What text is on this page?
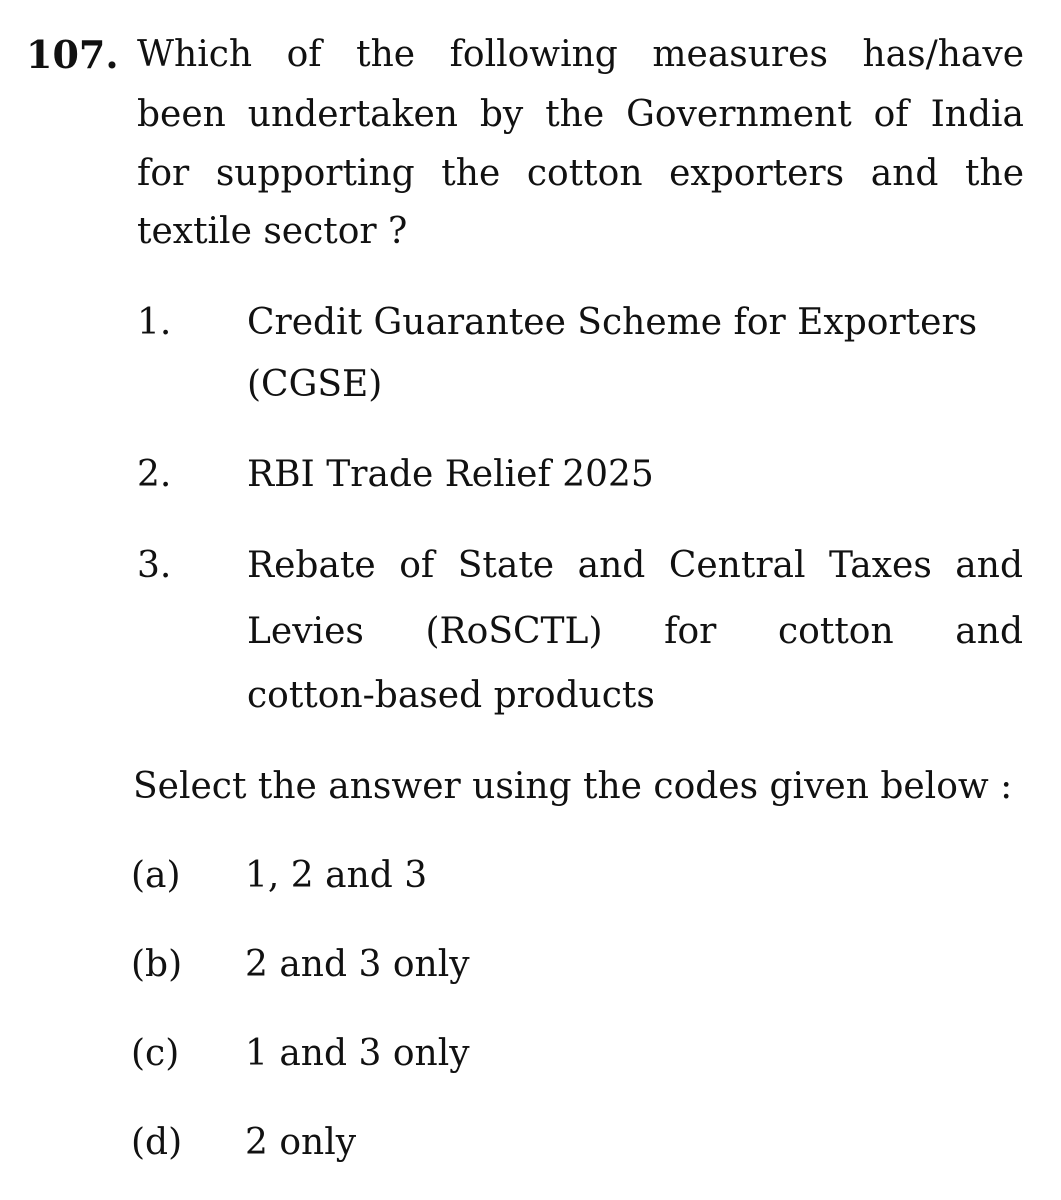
107. Which of the following measures has/have
been undertaken by the Government of India
for supporting the cotton exporters and the
textile sector ?
1. Credit Guarantee Scheme for Exporters
(CGSE)
2. RBI Trade Relief 2025
3. Rebate of State and Central Taxes and
Levies (RoSCTL) for cotton and
cotton-based products
Select the answer using the codes given below :
(a) 1, 2 and 3
(b) 2 and 3 only
(c) 1 and 3 only
(d) 2 only
